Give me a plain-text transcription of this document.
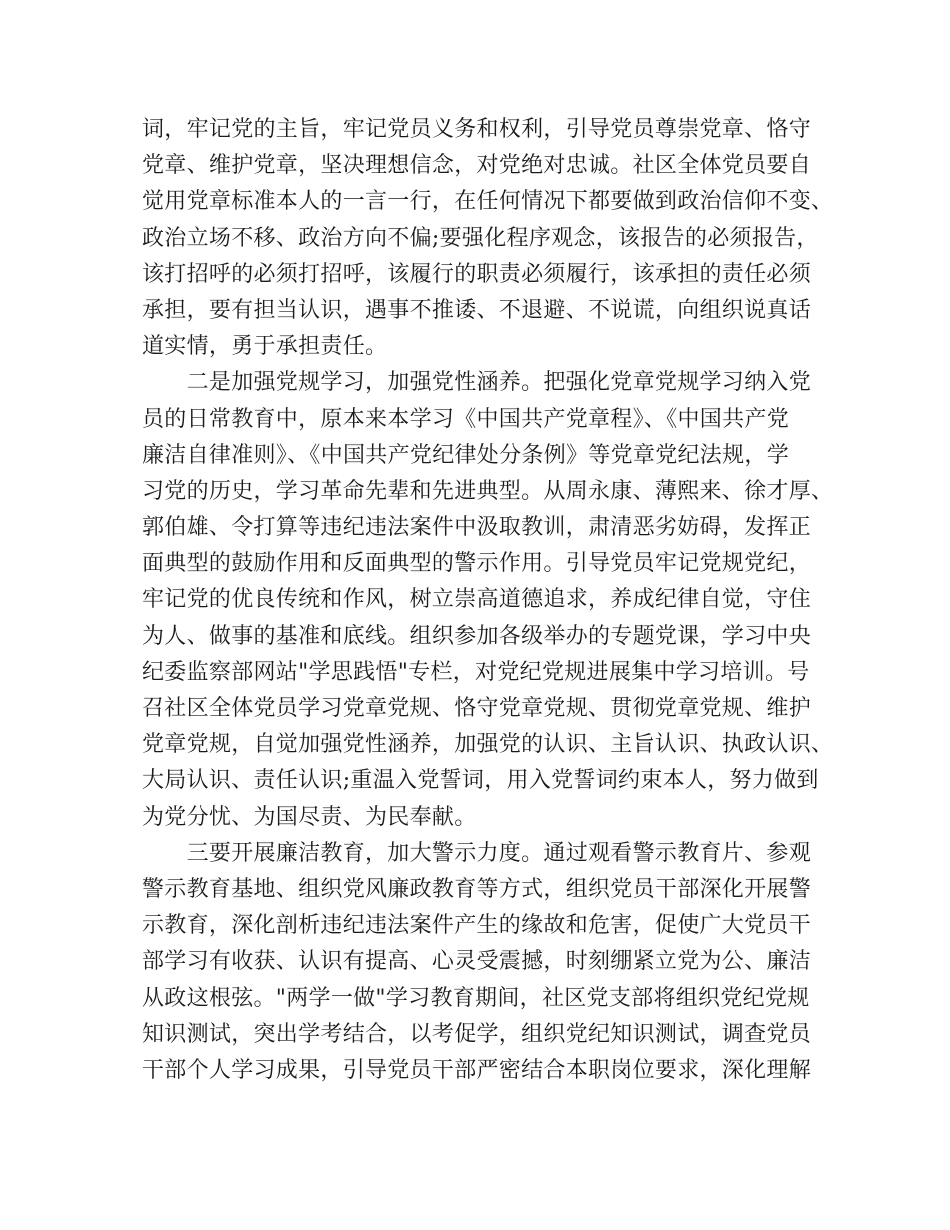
词，牢记党的主旨，牢记党员义务和权利，引导党员尊崇党章、恪守
党章、维护党章，坚决理想信念，对党绝对忠诚。社区全体党员要自
觉用党章标准本人的一言一行，在任何情况下都要做到政治信仰不变、
政治立场不移、政治方向不偏;要强化程序观念，该报告的必须报告，
该打招呼的必须打招呼，该履行的职责必须履行，该承担的责任必须
承担，要有担当认识，遇事不推诿、不退避、不说谎，向组织说真话
道实情，勇于承担责任。
　　二是加强党规学习，加强党性涵养。把强化党章党规学习纳入党
员的日常教育中，原本来本学习《中国共产党章程》、《中国共产党
廉洁自律准则》、《中国共产党纪律处分条例》等党章党纪法规，学
习党的历史，学习革命先辈和先进典型。从周永康、薄熙来、徐才厚、
郭伯雄、令打算等违纪违法案件中汲取教训，肃清恶劣妨碍，发挥正
面典型的鼓励作用和反面典型的警示作用。引导党员牢记党规党纪，
牢记党的优良传统和作风，树立崇高道德追求，养成纪律自觉，守住
为人、做事的基准和底线。组织参加各级举办的专题党课，学习中央
纪委监察部网站"学思践悟"专栏，对党纪党规进展集中学习培训。号
召社区全体党员学习党章党规、恪守党章党规、贯彻党章党规、维护
党章党规，自觉加强党性涵养，加强党的认识、主旨认识、执政认识、
大局认识、责任认识;重温入党誓词，用入党誓词约束本人，努力做到
为党分忧、为国尽责、为民奉献。
　　三要开展廉洁教育，加大警示力度。通过观看警示教育片、参观
警示教育基地、组织党风廉政教育等方式，组织党员干部深化开展警
示教育，深化剖析违纪违法案件产生的缘故和危害，促使广大党员干
部学习有收获、认识有提高、心灵受震撼，时刻绷紧立党为公、廉洁
从政这根弦。"两学一做"学习教育期间，社区党支部将组织党纪党规
知识测试，突出学考结合，以考促学，组织党纪知识测试，调查党员
干部个人学习成果，引导党员干部严密结合本职岗位要求，深化理解
